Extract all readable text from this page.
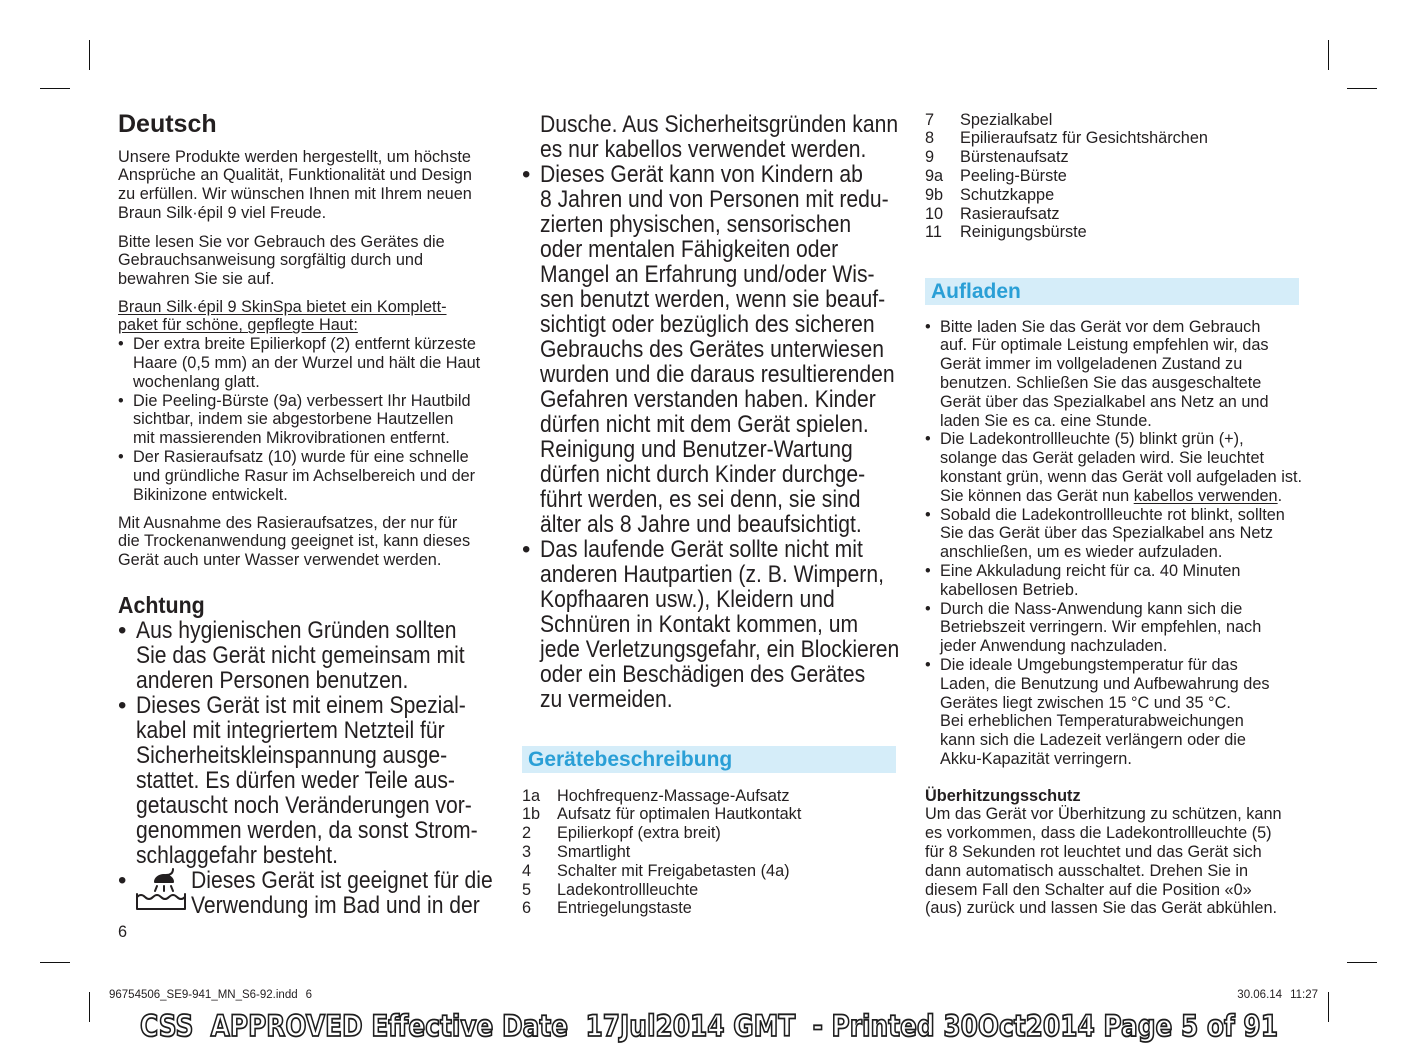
Deutsch
Unsere Produkte werden hergestellt, um höchste
Ansprüche an Qualität, Funktionalität und Design
zu erfüllen. Wir wünschen Ihnen mit Ihrem neuen
Braun Silk·épil 9 viel Freude.
Bitte lesen Sie vor Gebrauch des Gerätes die
Gebrauchsanweisung sorgfältig durch und
bewahren Sie sie auf.
Braun Silk·épil 9 SkinSpa bietet ein Komplett-
paket für schöne, gepflegte Haut:
• Der extra breite Epilierkopf (2) entfernt kürzeste
Haare (0,5 mm) an der Wurzel und hält die Haut
wochenlang glatt.
• Die Peeling-Bürste (9a) verbessert Ihr Hautbild
sichtbar, indem sie abgestorbene Hautzellen
mit massierenden Mikrovibrationen entfernt.
• Der Rasieraufsatz (10) wurde für eine schnelle
und gründliche Rasur im Achselbereich und der
Bikinizone entwickelt.
Mit Ausnahme des Rasieraufsatzes, der nur für
die Trockenanwendung geeignet ist, kann dieses
Gerät auch unter Wasser verwendet werden.
Achtung
• Aus hygienischen Gründen sollten
Sie das Gerät nicht gemeinsam mit
anderen Personen benutzen.
• Dieses Gerät ist mit einem Spezial-
kabel mit integriertem Netzteil für
Sicherheitskleinspannung ausge-
stattet. Es dürfen weder Teile aus-
getauscht noch Veränderungen vor-
genommen werden, da sonst Strom-
schlaggefahr besteht.
• Dieses Gerät ist geeignet für die
Verwendung im Bad und in der
6
Dusche. Aus Sicherheitsgründen kann
es nur kabellos verwendet werden.
• Dieses Gerät kann von Kindern ab
8 Jahren und von Personen mit redu-
zierten physischen, sensorischen
oder mentalen Fähigkeiten oder
Mangel an Erfahrung und/oder Wis-
sen benutzt werden, wenn sie beauf-
sichtigt oder bezüglich des sicheren
Gebrauchs des Gerätes unterwiesen
wurden und die daraus resultierenden
Gefahren verstanden haben. Kinder
dürfen nicht mit dem Gerät spielen.
Reinigung und Benutzer-Wartung
dürfen nicht durch Kinder durchge-
führt werden, es sei denn, sie sind
älter als 8 Jahre und beaufsichtigt.
• Das laufende Gerät sollte nicht mit
anderen Hautpartien (z. B. Wimpern,
Kopfhaaren usw.), Kleidern und
Schnüren in Kontakt kommen, um
jede Verletzungsgefahr, ein Blockieren
oder ein Beschädigen des Gerätes
zu vermeiden.
Gerätebeschreibung
1a	Hochfrequenz-Massage-Aufsatz
1b	Aufsatz für optimalen Hautkontakt
2	Epilierkopf (extra breit)
3	Smartlight
4	Schalter mit Freigabetasten (4a)
5	Ladekontrollleuchte
6	Entriegelungstaste
7	Spezialkabel
8	Epilieraufsatz für Gesichtshärchen
9	Bürstenaufsatz
9a	Peeling-Bürste
9b	Schutzkappe
10	Rasieraufsatz
11	Reinigungsbürste
Aufladen
• Bitte laden Sie das Gerät vor dem Gebrauch
auf. Für optimale Leistung empfehlen wir, das
Gerät immer im vollgeladenen Zustand zu
benutzen. Schließen Sie das ausgeschaltete
Gerät über das Spezialkabel ans Netz an und
laden Sie es ca. eine Stunde.
• Die Ladekontrollleuchte (5) blinkt grün (+),
solange das Gerät geladen wird. Sie leuchtet
konstant grün, wenn das Gerät voll aufgeladen ist.
Sie können das Gerät nun kabellos verwenden.
• Sobald die Ladekontrollleuchte rot blinkt, sollten
Sie das Gerät über das Spezialkabel ans Netz
anschließen, um es wieder aufzuladen.
• Eine Akkuladung reicht für ca. 40 Minuten
kabellosen Betrieb.
• Durch die Nass-Anwendung kann sich die
Betriebszeit verringern. Wir empfehlen, nach
jeder Anwendung nachzuladen.
• Die ideale Umgebungstemperatur für das
Laden, die Benutzung und Aufbewahrung des
Gerätes liegt zwischen 15 °C und 35 °C.
Bei erheblichen Temperaturabweichungen
kann sich die Ladezeit verlängern oder die
Akku-Kapazität verringern.
Überhitzungsschutz
Um das Gerät vor Überhitzung zu schützen, kann
es vorkommen, dass die Ladekontrollleuchte (5)
für 8 Sekunden rot leuchtet und das Gerät sich
dann automatisch ausschaltet. Drehen Sie in
diesem Fall den Schalter auf die Position «0»
(aus) zurück und lassen Sie das Gerät abkühlen.
96754506_SE9-941_MN_S6-92.indd 6	30.06.14 11:27
CSS  APPROVED Effective Date  17Jul2014 GMT  - Printed 30Oct2014 Page 5 of 91
